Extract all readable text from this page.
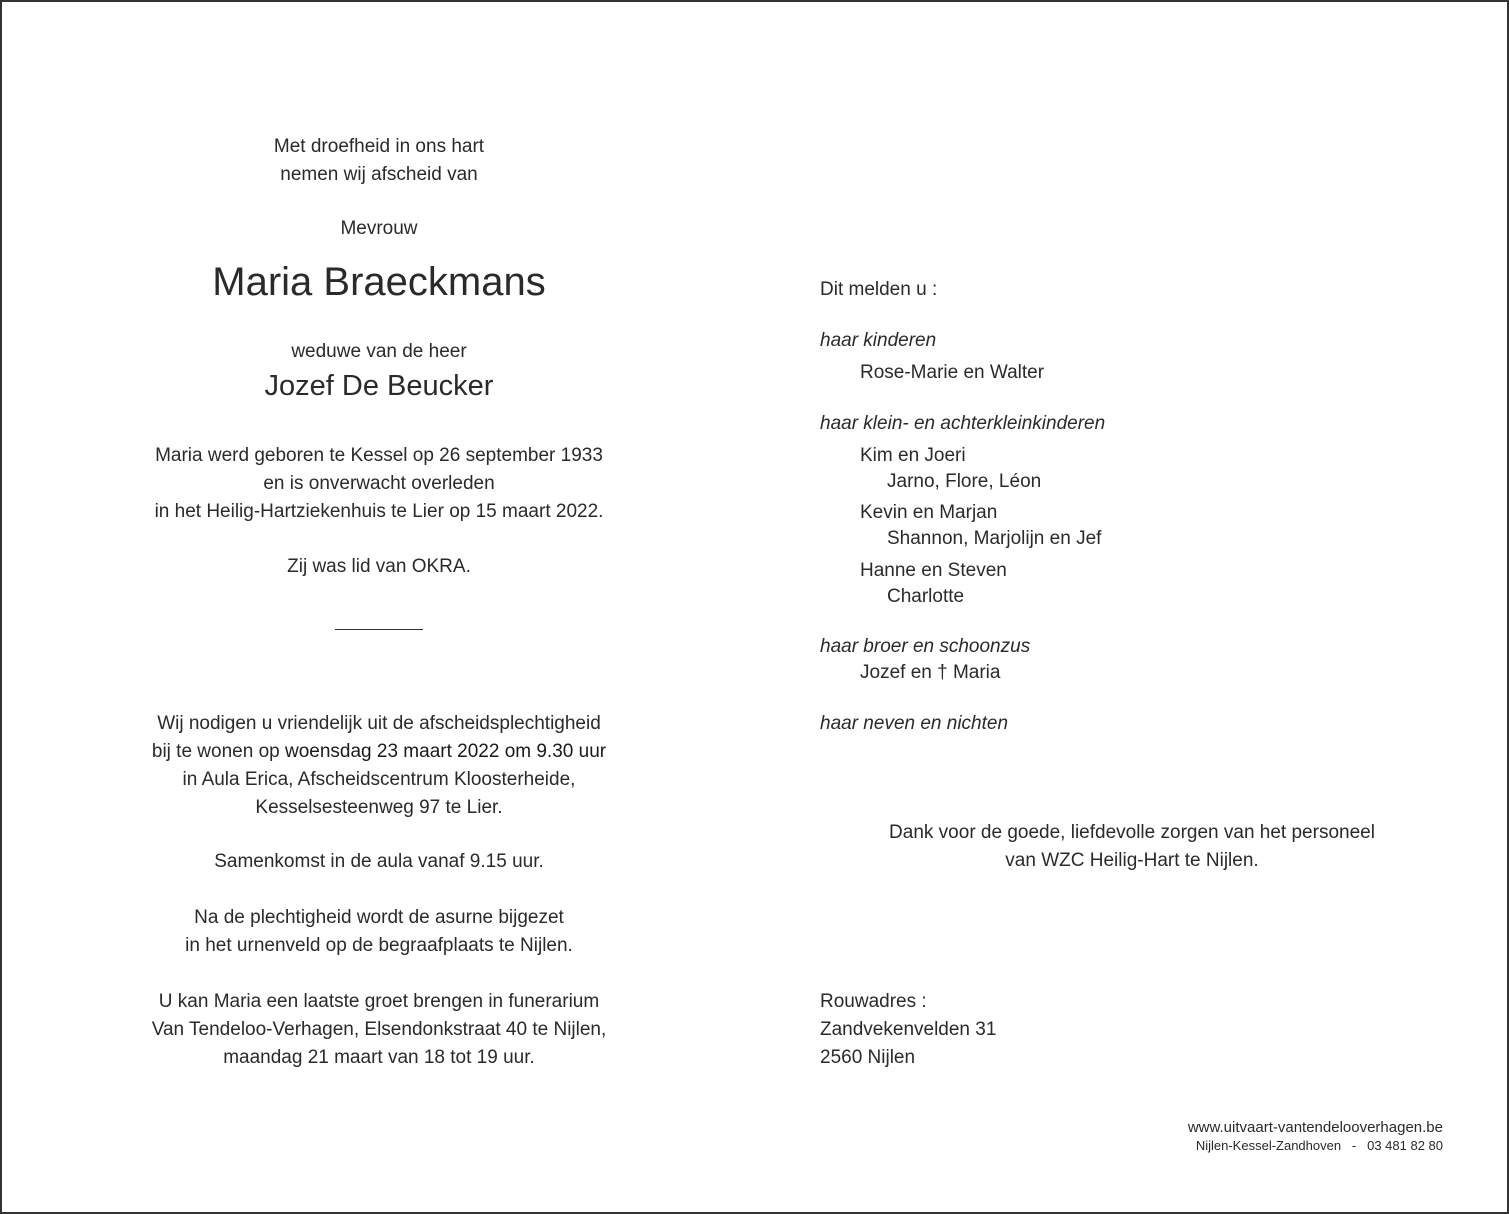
Met droefheid in ons hart
nemen wij afscheid van
Mevrouw
Maria Braeckmans
weduwe van de heer
Jozef De Beucker
Maria werd geboren te Kessel op 26 september 1933
en is onverwacht overleden
in het Heilig-Hartziekenhuis te Lier op 15 maart 2022.
Zij was lid van OKRA.
Wij nodigen u vriendelijk uit de afscheidsplechtigheid
bij te wonen op woensdag 23 maart 2022 om 9.30 uur
in Aula Erica, Afscheidscentrum Kloosterheide,
Kesselsesteenweg 97 te Lier.
Samenkomst in de aula vanaf 9.15 uur.
Na de plechtigheid wordt de asurne bijgezet
in het urnenveld op de begraafplaats te Nijlen.
U kan Maria een laatste groet brengen in funerarium
Van Tendeloo-Verhagen, Elsendonkstraat 40 te Nijlen,
maandag 21 maart van 18 tot 19 uur.
Dit melden u :
haar kinderen
Rose-Marie en Walter
haar klein- en achterkleinkinderen
Kim en Joeri
Jarno, Flore, Léon
Kevin en Marjan
Shannon, Marjolijn en Jef
Hanne en Steven
Charlotte
haar broer en schoonzus
Jozef en † Maria
haar neven en nichten
Dank voor de goede, liefdevolle zorgen van het personeel
van WZC Heilig-Hart te Nijlen.
Rouwadres :
Zandvekenvelden 31
2560 Nijlen
www.uitvaart-vantendelooverhagen.be
Nijlen-Kessel-Zandhoven   -   03 481 82 80
